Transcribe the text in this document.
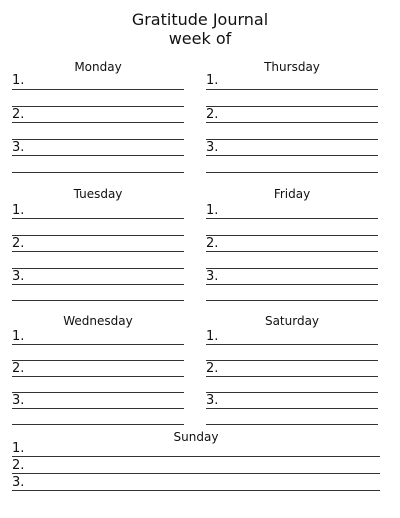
Gratitude Journal
week of
Monday
1.
2.
3.
Thursday
1.
2.
3.
Tuesday
1.
2.
3.
Friday
1.
2.
3.
Wednesday
1.
2.
3.
Saturday
1.
2.
3.
Sunday
1.
2.
3.
